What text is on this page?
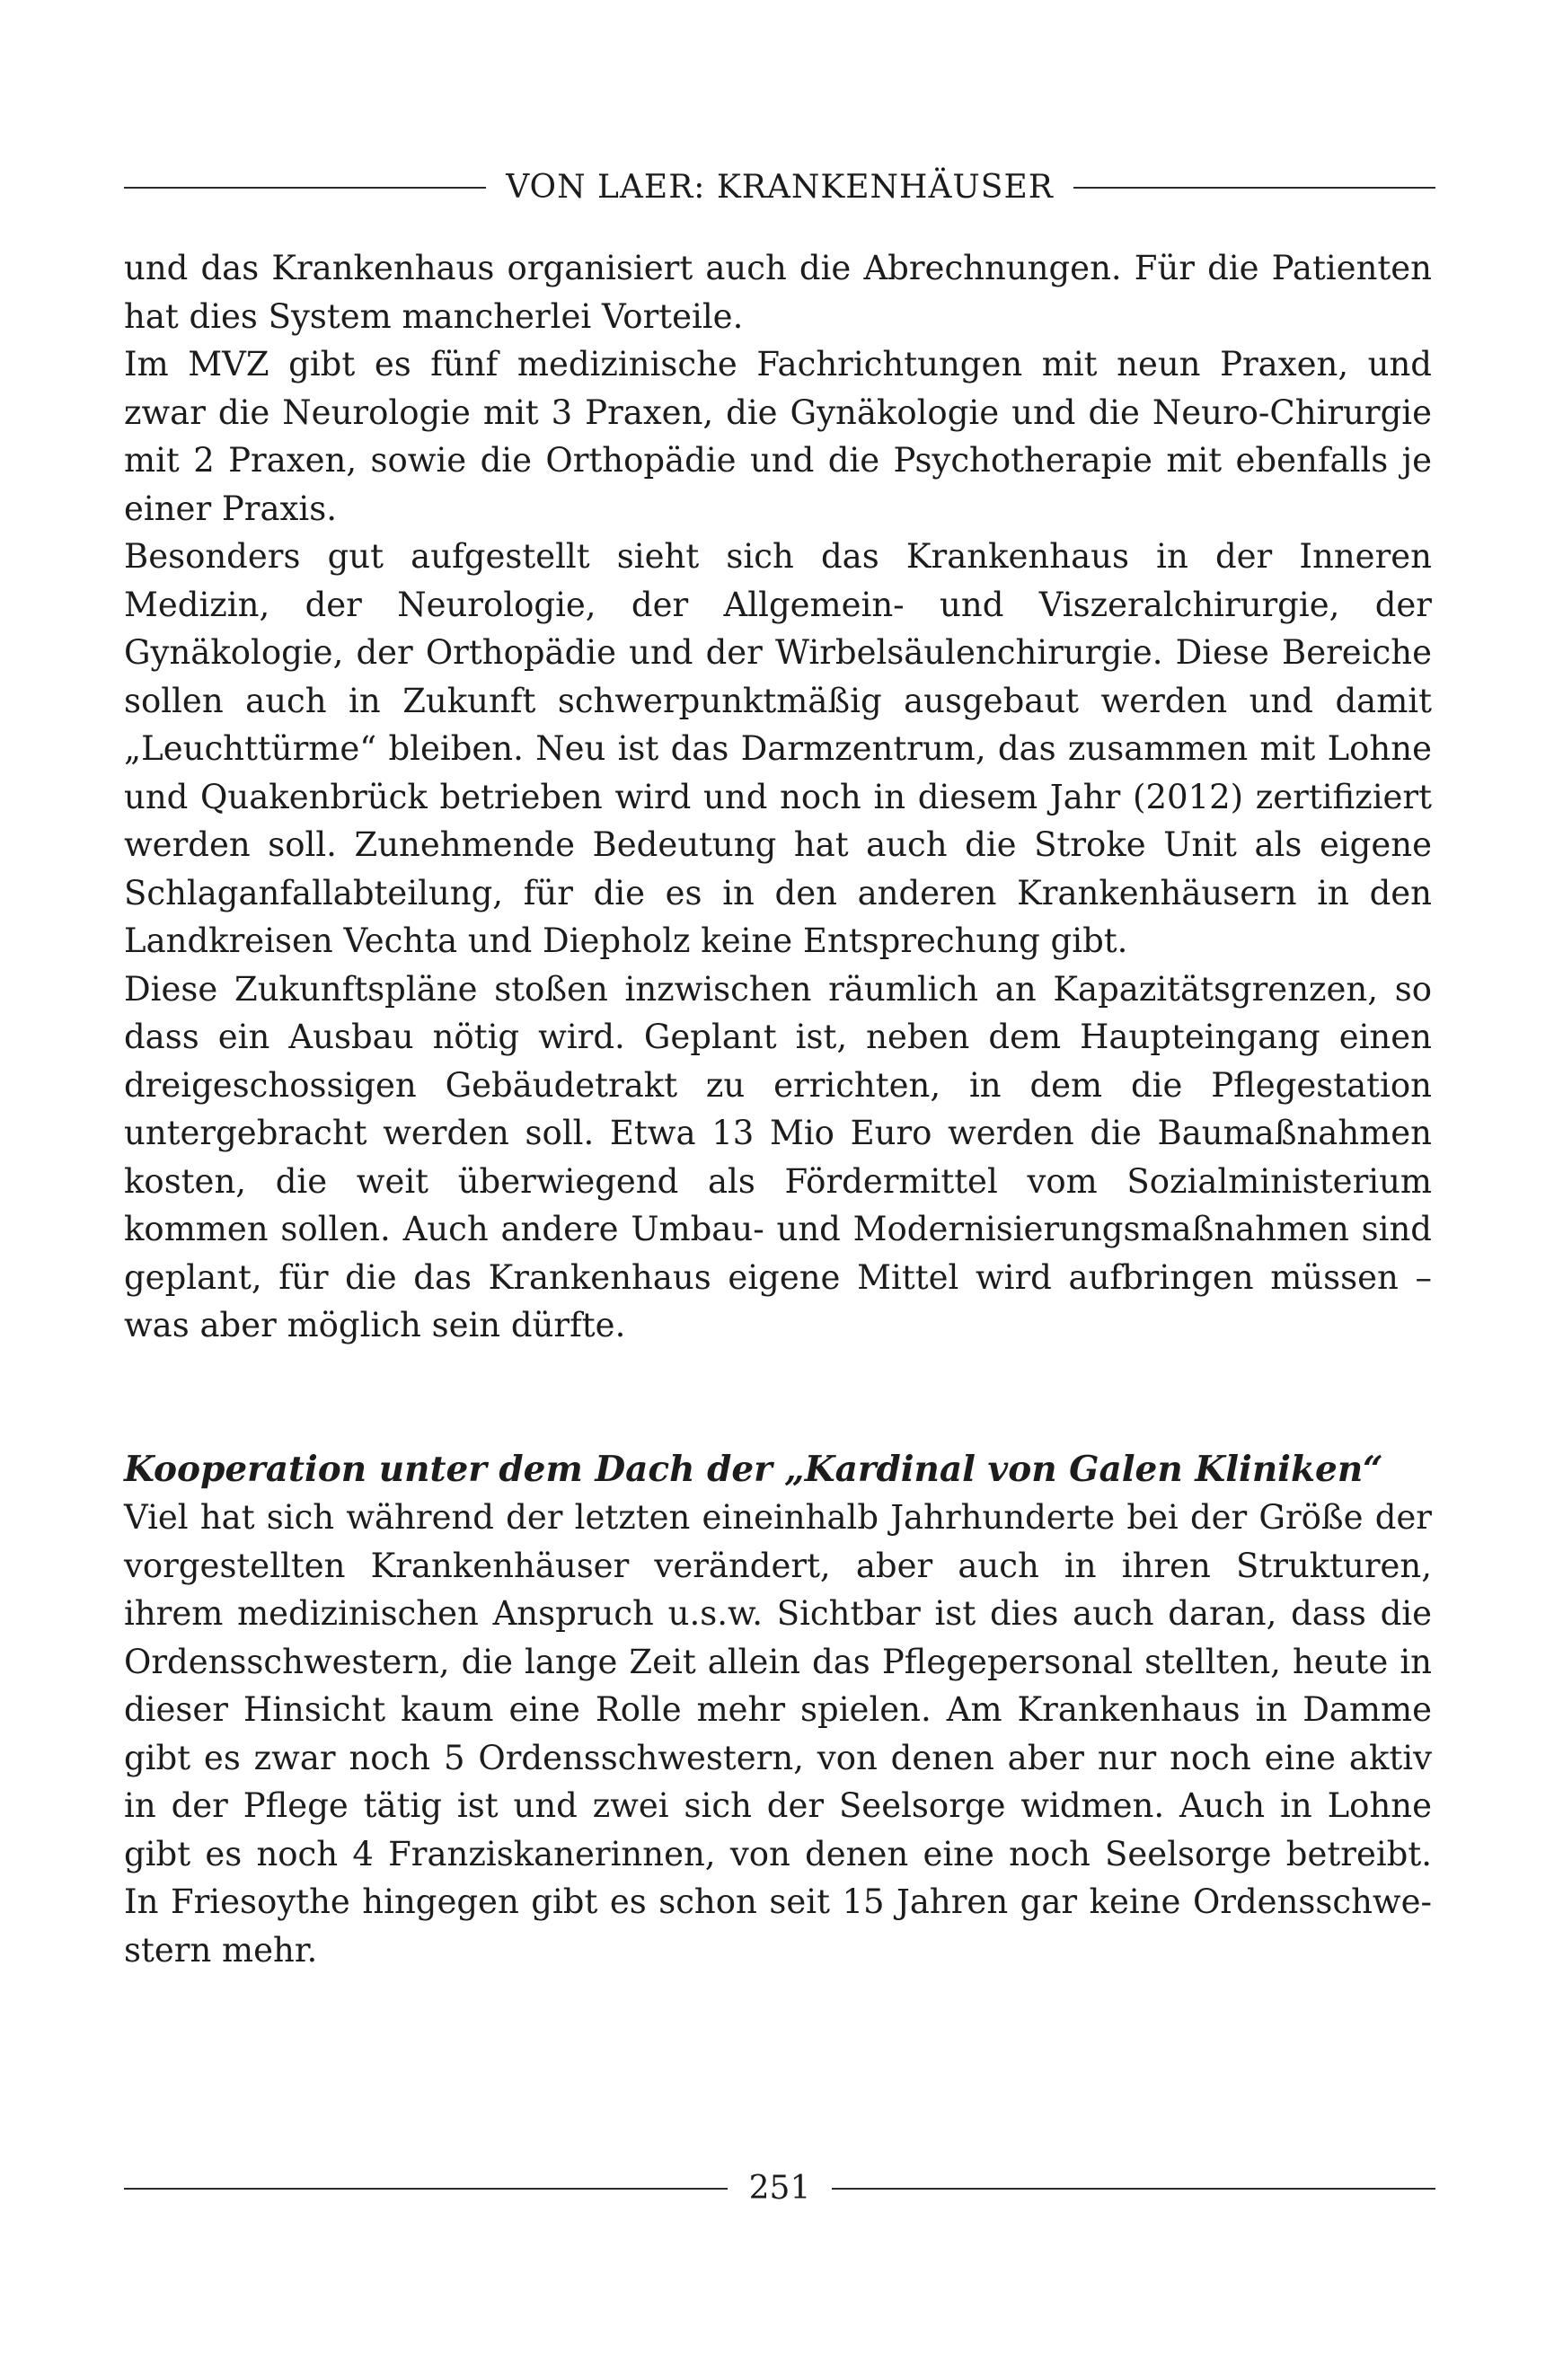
VON LAER: KRANKENHÄUSER

und das Krankenhaus organisiert auch die Abrechnungen. Für die Patienten hat dies System mancherlei Vorteile.

Im MVZ gibt es fünf medizinische Fachrichtungen mit neun Praxen, und zwar die Neurologie mit 3 Praxen, die Gynäkologie und die Neuro-Chirurgie mit 2 Praxen, sowie die Orthopädie und die Psychotherapie mit ebenfalls je einer Praxis.

Besonders gut aufgestellt sieht sich das Krankenhaus in der Inneren Medizin, der Neurologie, der Allgemein- und Viszeralchirurgie, der Gynäkologie, der Orthopädie und der Wirbelsäulenchirurgie. Diese Bereiche sollen auch in Zukunft schwerpunktmäßig ausgebaut werden und damit „Leuchttürme“ bleiben. Neu ist das Darmzentrum, das zusammen mit Lohne und Quakenbrück betrieben wird und noch in diesem Jahr (2012) zertifiziert werden soll. Zunehmende Bedeutung hat auch die Stroke Unit als eigene Schlaganfallabteilung, für die es in den anderen Krankenhäusern in den Landkreisen Vechta und Diepholz keine Entsprechung gibt.

Diese Zukunftspläne stoßen inzwischen räumlich an Kapazitätsgrenzen, so dass ein Ausbau nötig wird. Geplant ist, neben dem Haupteingang einen dreigeschossigen Gebäudetrakt zu errichten, in dem die Pflegestation untergebracht werden soll. Etwa 13 Mio Euro werden die Baumaßnahmen kosten, die weit überwiegend als Fördermittel vom Sozialministerium kommen sollen. Auch andere Umbau- und Modernisierungsmaßnahmen sind geplant, für die das Krankenhaus eigene Mittel wird aufbringen müssen – was aber möglich sein dürfte.

Kooperation unter dem Dach der „Kardinal von Galen Kliniken“

Viel hat sich während der letzten eineinhalb Jahrhunderte bei der Größe der vorgestellten Krankenhäuser verändert, aber auch in ihren Strukturen, ihrem medizinischen Anspruch u.s.w. Sichtbar ist dies auch daran, dass die Ordensschwestern, die lange Zeit allein das Pflegepersonal stellten, heute in dieser Hinsicht kaum eine Rolle mehr spielen. Am Krankenhaus in Damme gibt es zwar noch 5 Ordensschwestern, von denen aber nur noch eine aktiv in der Pflege tätig ist und zwei sich der Seelsorge widmen. Auch in Lohne gibt es noch 4 Franziskanerinnen, von denen eine noch Seelsorge betreibt. In Friesoythe hingegen gibt es schon seit 15 Jahren gar keine Ordensschwestern mehr.

251
